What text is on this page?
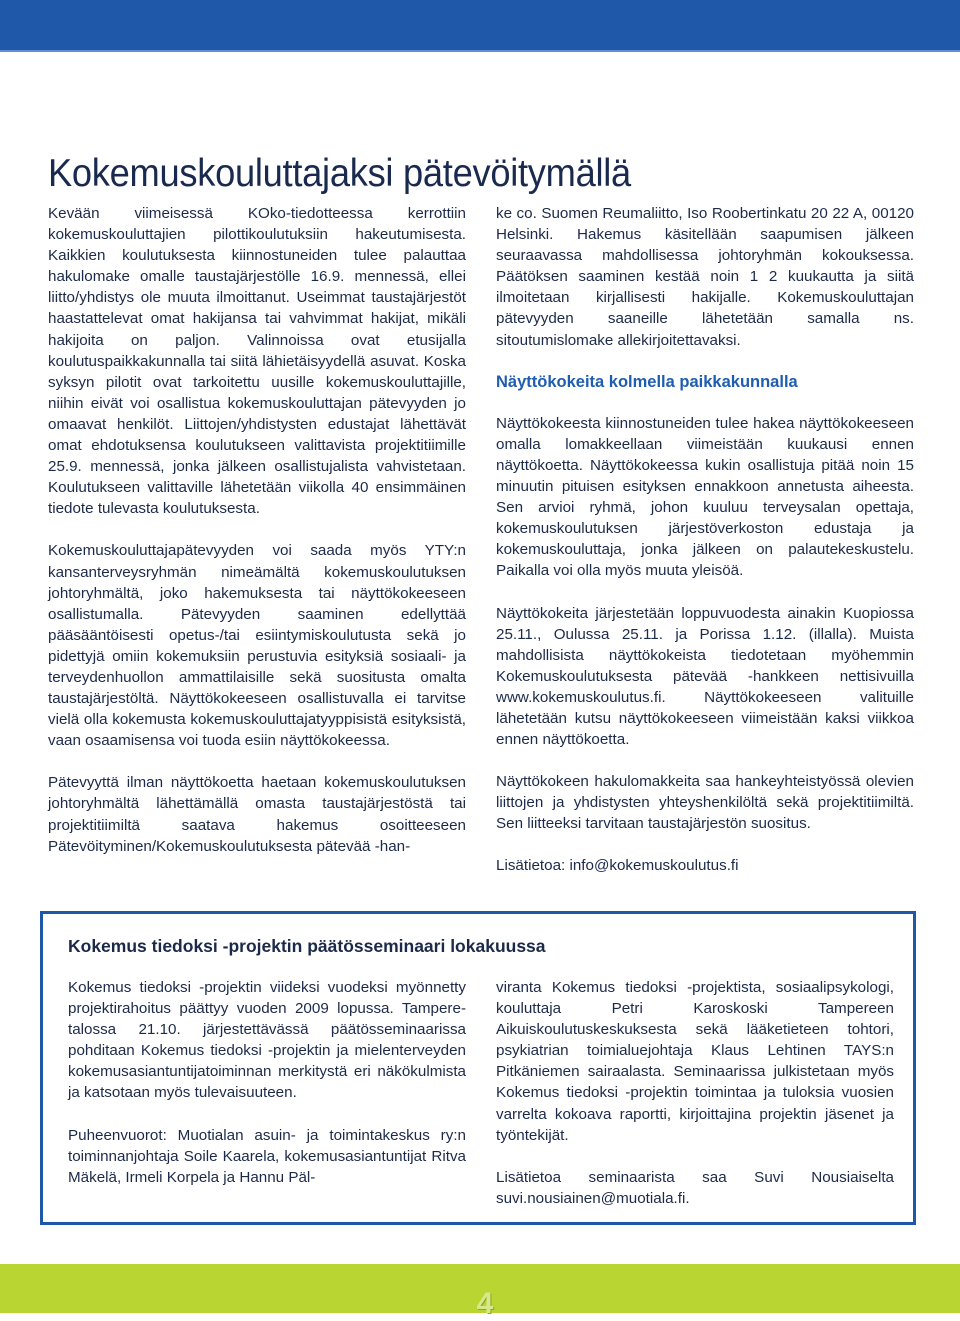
Kokemuskouluttajaksi pätevöitymällä

Kevään viimeisessä KOko-tiedotteessa kerrottiin kokemuskouluttajien pilottikoulutuksiin hakeutumisesta. Kaikkien koulutuksesta kiinnostuneiden tulee palauttaa hakulomake omalle taustajärjestölle 16.9. mennessä, ellei liitto/yhdistys ole muuta ilmoittanut. Useimmat taustajärjestöt haastattelevat omat hakijansa tai vahvimmat hakijat, mikäli hakijoita on paljon. Valinnoissa ovat etusijalla koulutuspaikkakunnalla tai siitä lähietäisyydellä asuvat. Koska syksyn pilotit ovat tarkoitettu uusille kokemuskouluttajille, niihin eivät voi osallistua kokemuskouluttajan pätevyyden jo omaavat henkilöt. Liittojen/yhdistysten edustajat lähettävät omat ehdotuksensa koulutukseen valittavista projektitiimille 25.9. mennessä, jonka jälkeen osallistujalista vahvistetaan. Koulutukseen valittaville lähetetään viikolla 40 ensimmäinen tiedote tulevasta koulutuksesta.

Kokemuskouluttajapätevyyden voi saada myös YTY:n kansanterveysryhmän nimeämältä kokemuskoulutuksen johtoryhmältä, joko hakemuksesta tai näyttökokeeseen osallistumalla. Pätevyyden saaminen edellyttää pääsääntöisesti opetus-/tai esiintymiskoulutusta sekä jo pidettyjä omiin kokemuksiin perustuvia esityksiä sosiaali- ja terveydenhuollon ammattilaisille sekä suositusta omalta taustajärjestöltä. Näyttökokeeseen osallistuvalla ei tarvitse vielä olla kokemusta kokemuskouluttajatyyppisistä esityksistä, vaan osaamisensa voi tuoda esiin näyttökokeessa.

Pätevyyttä ilman näyttökoetta haetaan kokemuskoulutuksen johtoryhmältä lähettämällä omasta taustajärjestöstä tai projektitiimiltä saatava hakemus osoitteeseen Pätevöityminen/Kokemuskoulutuksesta pätevää -han-

ke co. Suomen Reumaliitto, Iso Roobertinkatu 20 22 A, 00120 Helsinki. Hakemus käsitellään saapumisen jälkeen seuraavassa mahdollisessa johtoryhmän kokouksessa. Päätöksen saaminen kestää noin 1 2 kuukautta ja siitä ilmoitetaan kirjallisesti hakijalle. Kokemuskouluttajan pätevyyden saaneille lähetetään samalla ns. sitoutumislomake allekirjoitettavaksi.

Näyttökokeita kolmella paikkakunnalla

Näyttökokeesta kiinnostuneiden tulee hakea näyttökokeeseen omalla lomakkeellaan viimeistään kuukausi ennen näyttökoetta. Näyttökokeessa kukin osallistuja pitää noin 15 minuutin pituisen esityksen ennakkoon annetusta aiheesta. Sen arvioi ryhmä, johon kuuluu terveysalan opettaja, kokemuskoulutuksen järjestöverkoston edustaja ja kokemuskouluttaja, jonka jälkeen on palautekeskustelu. Paikalla voi olla myös muuta yleisöä.

Näyttökokeita järjestetään loppuvuodesta ainakin Kuopiossa 25.11., Oulussa 25.11. ja Porissa 1.12. (illalla). Muista mahdollisista näyttökokeista tiedotetaan myöhemmin Kokemuskoulutuksesta pätevää -hankkeen nettisivuilla www.kokemuskoulutus.fi. Näyttökokeeseen valituille lähetetään kutsu näyttökokeeseen viimeistään kaksi viikkoa ennen näyttökoetta.

Näyttökokeen hakulomakkeita saa hankeyhteistyössä olevien liittojen ja yhdistysten yhteyshenkilöltä sekä projektitiimiltä. Sen liitteeksi tarvitaan taustajärjestön suositus.

Lisätietoa: info@kokemuskoulutus.fi

Kokemus tiedoksi -projektin päätösseminaari lokakuussa

Kokemus tiedoksi -projektin viideksi vuodeksi myönnetty projektirahoitus päättyy vuoden 2009 lopussa. Tampere-talossa 21.10. järjestettävässä päätösseminaarissa pohditaan Kokemus tiedoksi -projektin ja mielenterveyden kokemusasiantuntijatoiminnan merkitystä eri näkökulmista ja katsotaan myös tulevaisuuteen.

Puheenvuorot: Muotialan asuin- ja toimintakeskus ry:n toiminnanjohtaja Soile Kaarela, kokemusasiantuntijat Ritva Mäkelä, Irmeli Korpela ja Hannu Päl-

viranta Kokemus tiedoksi -projektista, sosiaalipsykologi, kouluttaja Petri Karoskoski Tampereen Aikuiskoulutuskeskuksesta sekä lääketieteen tohtori, psykiatrian toimialuejohtaja Klaus Lehtinen TAYS:n Pitkäniemen sairaalasta. Seminaarissa julkistetaan myös Kokemus tiedoksi -projektin toimintaa ja tuloksia vuosien varrelta kokoava raportti, kirjoittajina projektin jäsenet ja työntekijät.

Lisätietoa seminaarista saa Suvi Nousiaiselta suvi.nousiainen@muotiala.fi.

4
